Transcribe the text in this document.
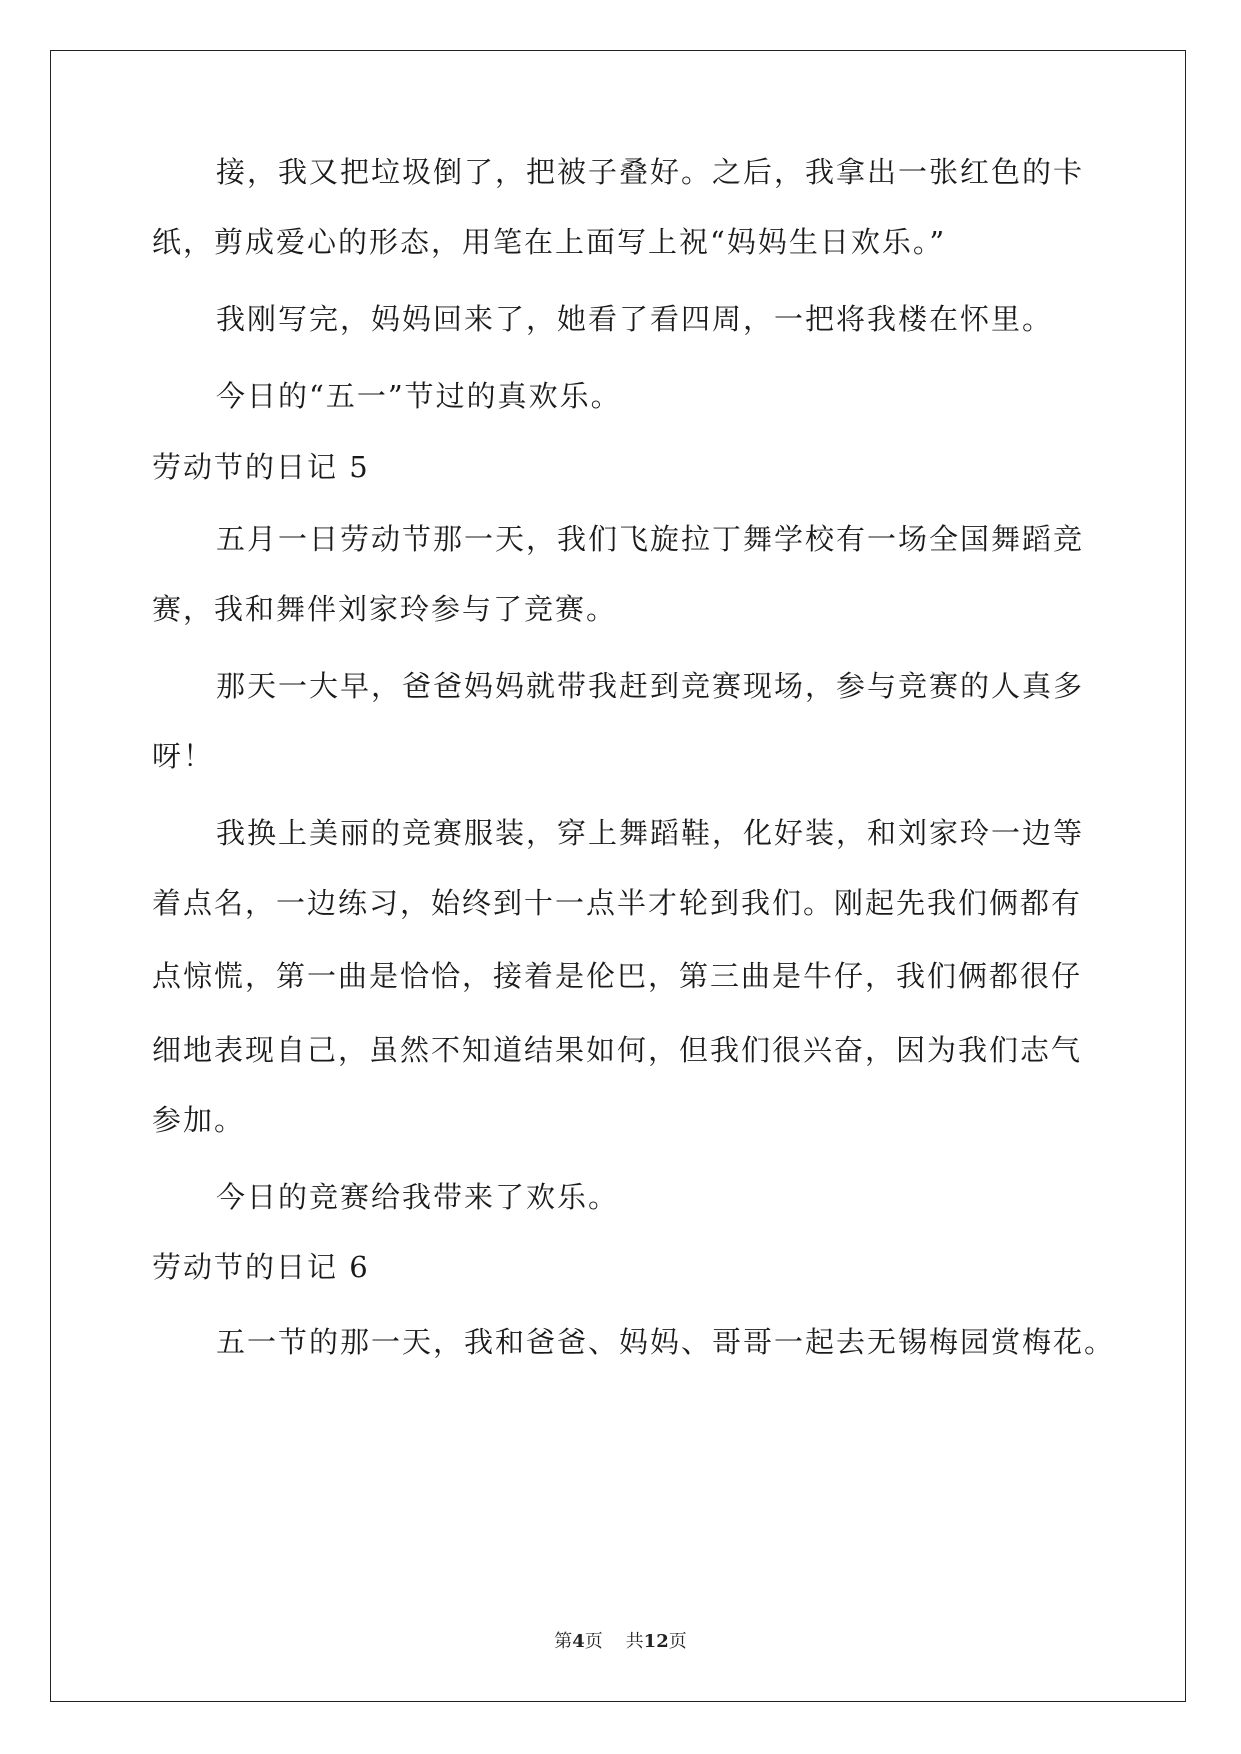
接，我又把垃圾倒了，把被子叠好。之后，我拿出一张红色的卡
纸，剪成爱心的形态，用笔在上面写上祝“妈妈生日欢乐。”
我刚写完，妈妈回来了，她看了看四周，一把将我楼在怀里。
今日的“五一”节过的真欢乐。
劳动节的日记 5
五月一日劳动节那一天，我们飞旋拉丁舞学校有一场全国舞蹈竞
赛，我和舞伴刘家玲参与了竞赛。
那天一大早，爸爸妈妈就带我赶到竞赛现场，参与竞赛的人真多
呀！
我换上美丽的竞赛服装，穿上舞蹈鞋，化好装，和刘家玲一边等
着点名，一边练习，始终到十一点半才轮到我们。刚起先我们俩都有
点惊慌，第一曲是恰恰，接着是伦巴，第三曲是牛仔，我们俩都很仔
细地表现自己，虽然不知道结果如何，但我们很兴奋，因为我们志气
参加。
今日的竞赛给我带来了欢乐。
劳动节的日记 6
五一节的那一天，我和爸爸、妈妈、哥哥一起去无锡梅园赏梅花。
第4页 共12页
